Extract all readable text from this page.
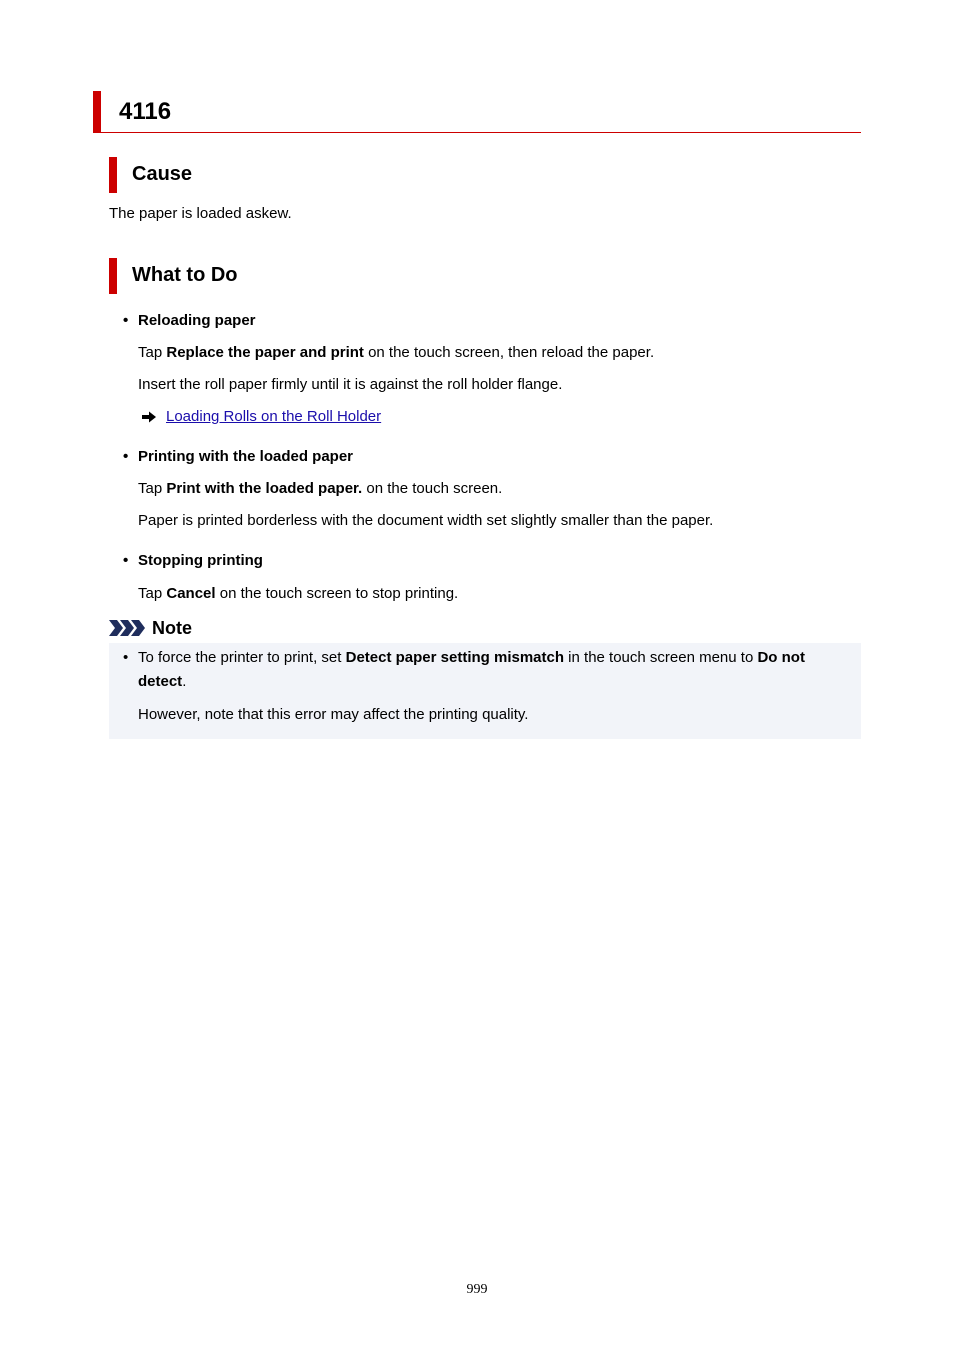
4116
Cause
The paper is loaded askew.
What to Do
• Reloading paper
Tap Replace the paper and print on the touch screen, then reload the paper.
Insert the roll paper firmly until it is against the roll holder flange.
Loading Rolls on the Roll Holder
• Printing with the loaded paper
Tap Print with the loaded paper. on the touch screen.
Paper is printed borderless with the document width set slightly smaller than the paper.
• Stopping printing
Tap Cancel on the touch screen to stop printing.
Note
• To force the printer to print, set Detect paper setting mismatch in the touch screen menu to Do not
detect.
However, note that this error may affect the printing quality.
999
